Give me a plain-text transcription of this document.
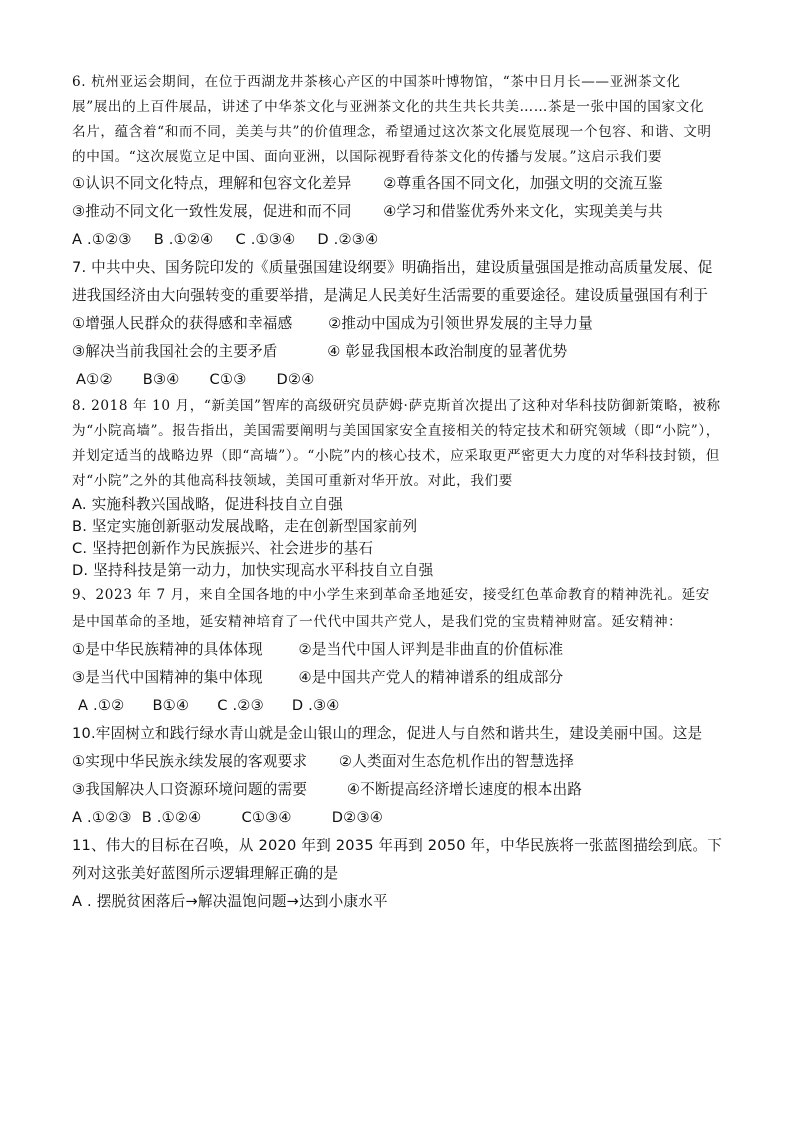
6. 杭州亚运会期间，在位于西湖龙井茶核心产区的中国茶叶博物馆，“茶中日月长——亚洲茶文化展”展出的上百件展品，讲述了中华茶文化与亚洲茶文化的共生共长共美……茶是一张中国的国家文化名片，蕴含着“和而不同，美美与共”的价值理念，希望通过这次茶文化展览展现一个包容、和谐、文明的中国。“这次展览立足中国、面向亚洲，以国际视野看待茶文化的传播与发展。”这启示我们要
①认识不同文化特点，理解和包容文化差异 ②尊重各国不同文化，加强文明的交流互鉴
③推动不同文化一致性发展，促进和而不同 ④学习和借鉴优秀外来文化，实现美美与共
A .①②③ B .①②④ C .①③④ D .②③④
7. 中共中央、国务院印发的《质量强国建设纲要》明确指出，建设质量强国是推动高质量发展、促进我国经济由大向强转变的重要举措，是满足人民美好生活需要的重要途径。建设质量强国有利于
①增强人民群众的获得感和幸福感 ②推动中国成为引领世界发展的主导力量
③解决当前我国社会的主要矛盾	④ 彰显我国根本政治制度的显著优势
A①② B③④ C①③ D②④
8. 2018 年 10 月，“新美国”智库的高级研究员萨姆·萨克斯首次提出了这种对华科技防御新策略，被称为“小院高墙”。报告指出，美国需要阐明与美国国家安全直接相关的特定技术和研究领域（即“小院”），并划定适当的战略边界（即“高墙”）。“小院”内的核心技术，应采取更严密更大力度的对华科技封锁，但对“小院”之外的其他高科技领域，美国可重新对华开放。对此，我们要
A. 实施科教兴国战略，促进科技自立自强
B. 坚定实施创新驱动发展战略，走在创新型国家前列
C. 坚持把创新作为民族振兴、社会进步的基石
D. 坚持科技是第一动力，加快实现高水平科技自立自强
9、2023 年 7 月，来自全国各地的中小学生来到革命圣地延安，接受红色革命教育的精神洗礼。延安是中国革命的圣地，延安精神培育了一代代中国共产党人，是我们党的宝贵精神财富。延安精神：
①是中华民族精神的具体体现 ②是当代中国人评判是非曲直的价值标准
③是当代中国精神的集中体现 ④是中国共产党人的精神谱系的组成部分
A .①② B①④ C .②③ D .③④
10.牢固树立和践行绿水青山就是金山银山的理念，促进人与自然和谐共生，建设美丽中国。这是
①实现中华民族永续发展的客观要求 ②人类面对生态危机作出的智慧选择
③我国解决人口资源环境问题的需要	④不断提高经济增长速度的根本出路
A .①②③ B .①②④	C①③④	D②③④
11、伟大的目标在召唤，从 2020 年到 2035 年再到 2050 年，中华民族将一张蓝图描绘到底。下列对这张美好蓝图所示逻辑理解正确的是
A . 摆脱贫困落后→解决温饱问题→达到小康水平
